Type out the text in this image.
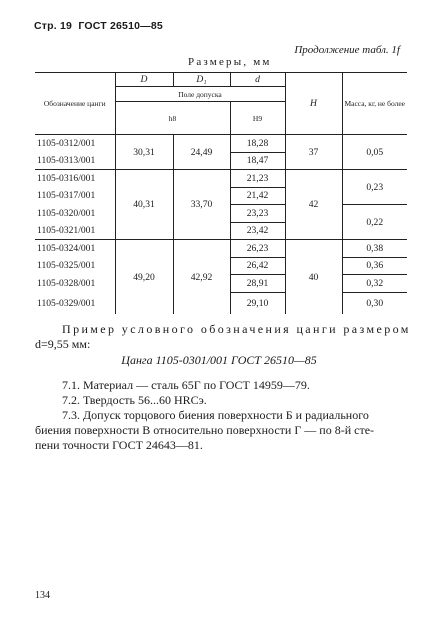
Стр. 19 ГОСТ 26510—85
Продолжение табл. 1f
Размеры, мм
Обозначение цанги	D	D₁	d	H	Масса, кг, не более
	Поле допуска				
	h8		H9		
1105-0312/001	30,31	24,49	18,28	37	0,05
1105-0313/001			18,47		
1105-0316/001	40,31	33,70	21,23	42	0,23
1105-0317/001			21,42		
1105-0320/001			23,23		0,22
1105-0321/001			23,42		
1105-0324/001	49,20	42,92	26,23	40	0,38
1105-0325/001			26,42		0,36
1105-0328/001			28,91		0,32
1105-0329/001			29,10		0,30
Пример условного обозначения цанги размером
d=9,55 мм:
Цанга 1105-0301/001 ГОСТ 26510—85
7.1. Материал — сталь 65Г по ГОСТ 14959—79.
7.2. Твердость 56...60 HRCэ.
7.3. Допуск торцового биения поверхности Б и радиального
биения поверхности В относительно поверхности Г — по 8-й сте-
пени точности ГОСТ 24643—81.
134
